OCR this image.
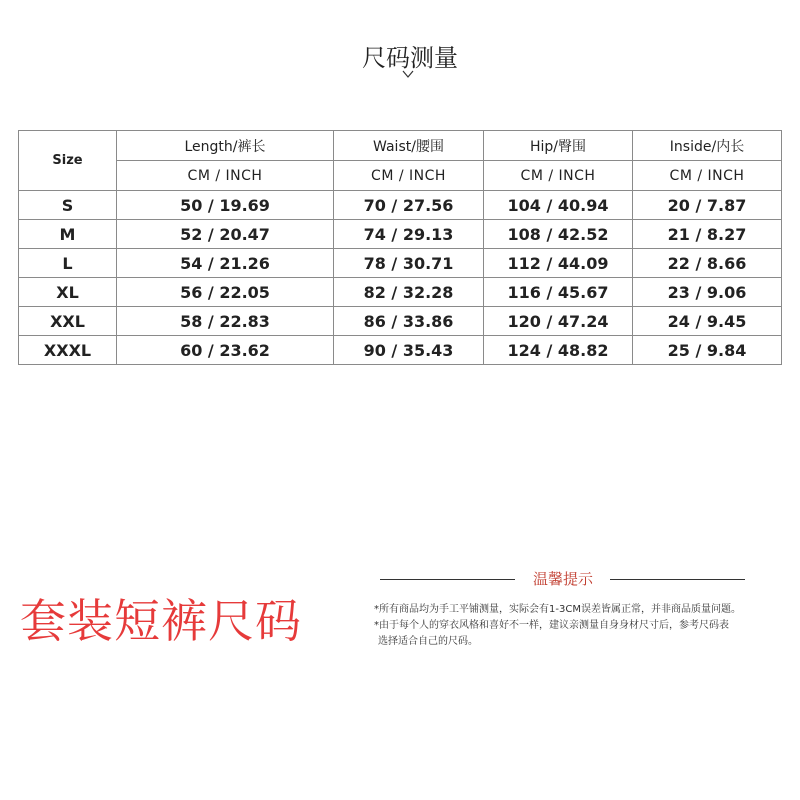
尺码测量
Size	Length/裤长	Waist/腰围	Hip/臀围	Inside/内长
	CM / INCH	CM / INCH	CM / INCH	CM / INCH
S	50 / 19.69	70 / 27.56	104 / 40.94	20 / 7.87
M	52 / 20.47	74 / 29.13	108 / 42.52	21 / 8.27
L	54 / 21.26	78 / 30.71	112 / 44.09	22 / 8.66
XL	56 / 22.05	82 / 32.28	116 / 45.67	23 / 9.06
XXL	58 / 22.83	86 / 33.86	120 / 47.24	24 / 9.45
XXXL	60 / 23.62	90 / 35.43	124 / 48.82	25 / 9.84
套装短裤尺码
温馨提示

*所有商品均为手工平铺测量，实际会有1-3CM误差皆属正常，并非商品质量问题。

*由于每个人的穿衣风格和喜好不一样，建议亲测量自身身材尺寸后，参考尺码表

选择适合自己的尺码。
